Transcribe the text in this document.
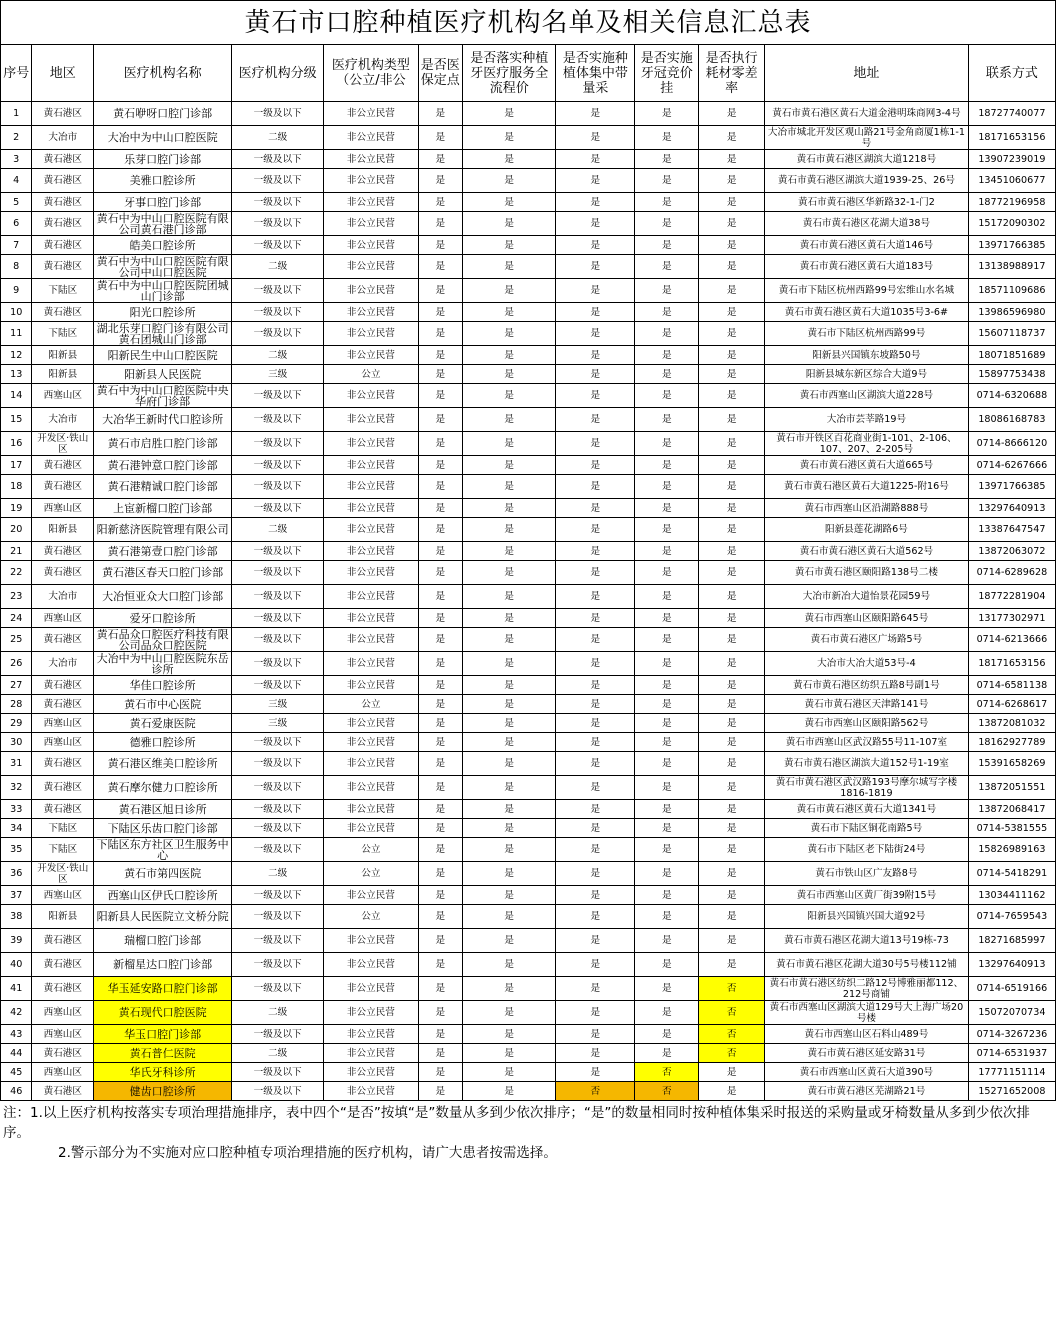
黄石市口腔种植医疗机构名单及相关信息汇总表
序号	地区	医疗机构名称	医疗机构分级	医疗机构类型（公立/非公	是否医保定点	是否落实种植牙医疗服务全流程价	是否实施种植体集中带量采	是否实施牙冠竞价挂	是否执行耗材零差率	地址	联系方式
1	黄石港区	黄石咿呀口腔门诊部	一级及以下	非公立民营	是	是	是	是	是	黄石市黄石港区黄石大道金港明珠商网3-4号	18727740077
2	大冶市	大冶中为中山口腔医院	二级	非公立民营	是	是	是	是	是	大冶市城北开发区观山路21号金角商厦1栋1-1号	18171653156
3	黄石港区	乐芽口腔门诊部	一级及以下	非公立民营	是	是	是	是	是	黄石市黄石港区湖滨大道1218号	13907239019
4	黄石港区	美雅口腔诊所	一级及以下	非公立民营	是	是	是	是	是	黄石市黄石港区湖滨大道1939-25、26号	13451060677
5	黄石港区	牙事口腔门诊部	一级及以下	非公立民营	是	是	是	是	是	黄石市黄石港区华新路32-1-门2	18772196958
6	黄石港区	黄石中为中山口腔医院有限公司黄石港门诊部	一级及以下	非公立民营	是	是	是	是	是	黄石市黄石港区花湖大道38号	15172090302
7	黄石港区	皓美口腔诊所	一级及以下	非公立民营	是	是	是	是	是	黄石市黄石港区黄石大道146号	13971766385
8	黄石港区	黄石中为中山口腔医院有限公司中山口腔医院	二级	非公立民营	是	是	是	是	是	黄石市黄石港区黄石大道183号	13138988917
9	下陆区	黄石中为中山口腔医院团城山门诊部	一级及以下	非公立民营	是	是	是	是	是	黄石市下陆区杭州西路99号宏维山水名城	18571109686
10	黄石港区	阳光口腔诊所	一级及以下	非公立民营	是	是	是	是	是	黄石市黄石港区黄石大道1035号3-6#	13986596980
11	下陆区	湖北乐芽口腔门诊有限公司黄石团城山门诊部	一级及以下	非公立民营	是	是	是	是	是	黄石市下陆区杭州西路99号	15607118737
12	阳新县	阳新民生中山口腔医院	二级	非公立民营	是	是	是	是	是	阳新县兴国镇东坡路50号	18071851689
13	阳新县	阳新县人民医院	三级	公立	是	是	是	是	是	阳新县城东新区综合大道9号	15897753438
14	西塞山区	黄石中为中山口腔医院中央华府门诊部	一级及以下	非公立民营	是	是	是	是	是	黄石市西塞山区湖滨大道228号	0714-6320688
15	大冶市	大冶华王新时代口腔诊所	一级及以下	非公立民营	是	是	是	是	是	大冶市芸莘路19号	18086168783
16	开发区·铁山区	黄石市启胜口腔门诊部	一级及以下	非公立民营	是	是	是	是	是	黄石市开铁区百花商业街1-101、2-106、107、207、2-205号	0714-8666120
17	黄石港区	黄石港钟意口腔门诊部	一级及以下	非公立民营	是	是	是	是	是	黄石市黄石港区黄石大道665号	0714-6267666
18	黄石港区	黄石港精诚口腔门诊部	一级及以下	非公立民营	是	是	是	是	是	黄石市黄石港区黄石大道1225-附16号	13971766385
19	西塞山区	上宦新榴口腔门诊部	一级及以下	非公立民营	是	是	是	是	是	黄石市西塞山区沿湖路888号	13297640913
20	阳新县	阳新慈济医院管理有限公司	二级	非公立民营	是	是	是	是	是	阳新县莲花湖路6号	13387647547
21	黄石港区	黄石港第壹口腔门诊部	一级及以下	非公立民营	是	是	是	是	是	黄石市黄石港区黄石大道562号	13872063072
22	黄石港区	黄石港区春天口腔门诊部	一级及以下	非公立民营	是	是	是	是	是	黄石市黄石港区颐阳路138号二楼	0714-6289628
23	大冶市	大冶恒亚众大口腔门诊部	一级及以下	非公立民营	是	是	是	是	是	大冶市新冶大道怡景花园59号	18772281904
24	西塞山区	爱牙口腔诊所	一级及以下	非公立民营	是	是	是	是	是	黄石市西塞山区颐阳路645号	13177302971
25	黄石港区	黄石品众口腔医疗科技有限公司品众口腔医院	一级及以下	非公立民营	是	是	是	是	是	黄石市黄石港区广场路5号	0714-6213666
26	大冶市	大冶中为中山口腔医院东岳诊所	一级及以下	非公立民营	是	是	是	是	是	大冶市大冶大道53号-4	18171653156
27	黄石港区	华佳口腔诊所	一级及以下	非公立民营	是	是	是	是	是	黄石市黄石港区纺织五路8号副1号	0714-6581138
28	黄石港区	黄石市中心医院	三级	公立	是	是	是	是	是	黄石市黄石港区天津路141号	0714-6268617
29	西塞山区	黄石爱康医院	三级	非公立民营	是	是	是	是	是	黄石市西塞山区颐阳路562号	13872081032
30	西塞山区	德雅口腔诊所	一级及以下	非公立民营	是	是	是	是	是	黄石市西塞山区武汉路55号11-107室	18162927789
31	黄石港区	黄石港区维美口腔诊所	一级及以下	非公立民营	是	是	是	是	是	黄石市黄石港区湖滨大道152号1-19室	15391658269
32	黄石港区	黄石摩尔健力口腔诊所	一级及以下	非公立民营	是	是	是	是	是	黄石市黄石港区武汉路193号摩尔城写字楼1816-1819	13872051551
33	黄石港区	黄石港区旭日诊所	一级及以下	非公立民营	是	是	是	是	是	黄石市黄石港区黄石大道1341号	13872068417
34	下陆区	下陆区乐齿口腔门诊部	一级及以下	非公立民营	是	是	是	是	是	黄石市下陆区铜花南路5号	0714-5381555
35	下陆区	下陆区东方社区卫生服务中心	一级及以下	公立	是	是	是	是	是	黄石市下陆区老下陆街24号	15826989163
36	开发区·铁山区	黄石市第四医院	二级	公立	是	是	是	是	是	黄石市铁山区广友路8号	0714-5418291
37	西塞山区	西塞山区伊氏口腔诊所	一级及以下	非公立民营	是	是	是	是	是	黄石市西塞山区黄厂街39附15号	13034411162
38	阳新县	阳新县人民医院立文桥分院	一级及以下	公立	是	是	是	是	是	阳新县兴国镇兴国大道92号	0714-7659543
39	黄石港区	瑞榴口腔门诊部	一级及以下	非公立民营	是	是	是	是	是	黄石市黄石港区花湖大道13号19栋-73	18271685997
40	黄石港区	新榴星达口腔门诊部	一级及以下	非公立民营	是	是	是	是	是	黄石市黄石港区花湖大道30号5号楼112铺	13297640913
41	黄石港区	华玉延安路口腔门诊部	一级及以下	非公立民营	是	是	是	是	否	黄石市黄石港区纺织二路12号博雅丽都112、212号商铺	0714-6519166
42	西塞山区	黄石现代口腔医院	二级	非公立民营	是	是	是	是	否	黄石市西塞山区湖滨大道129号大上海广场20号楼	15072070734
43	西塞山区	华玉口腔门诊部	一级及以下	非公立民营	是	是	是	是	否	黄石市西塞山区石料山489号	0714-3267236
44	黄石港区	黄石普仁医院	二级	非公立民营	是	是	是	是	否	黄石市黄石港区延安路31号	0714-6531937
45	西塞山区	华氏牙科诊所	一级及以下	非公立民营	是	是	是	否	是	黄石市西塞山区黄石大道390号	17771151114
46	黄石港区	健齿口腔诊所	一级及以下	非公立民营	是	是	否	否	是	黄石市黄石港区芜湖路21号	15271652008
注：1.以上医疗机构按落实专项治理措施排序，表中四个“是否”按填“是”数量从多到少依次排序；“是”的数量相同时按种植体集采时报送的采购量或牙椅数量从多到少依次排序。
2.警示部分为不实施对应口腔种植专项治理措施的医疗机构，请广大患者按需选择。
